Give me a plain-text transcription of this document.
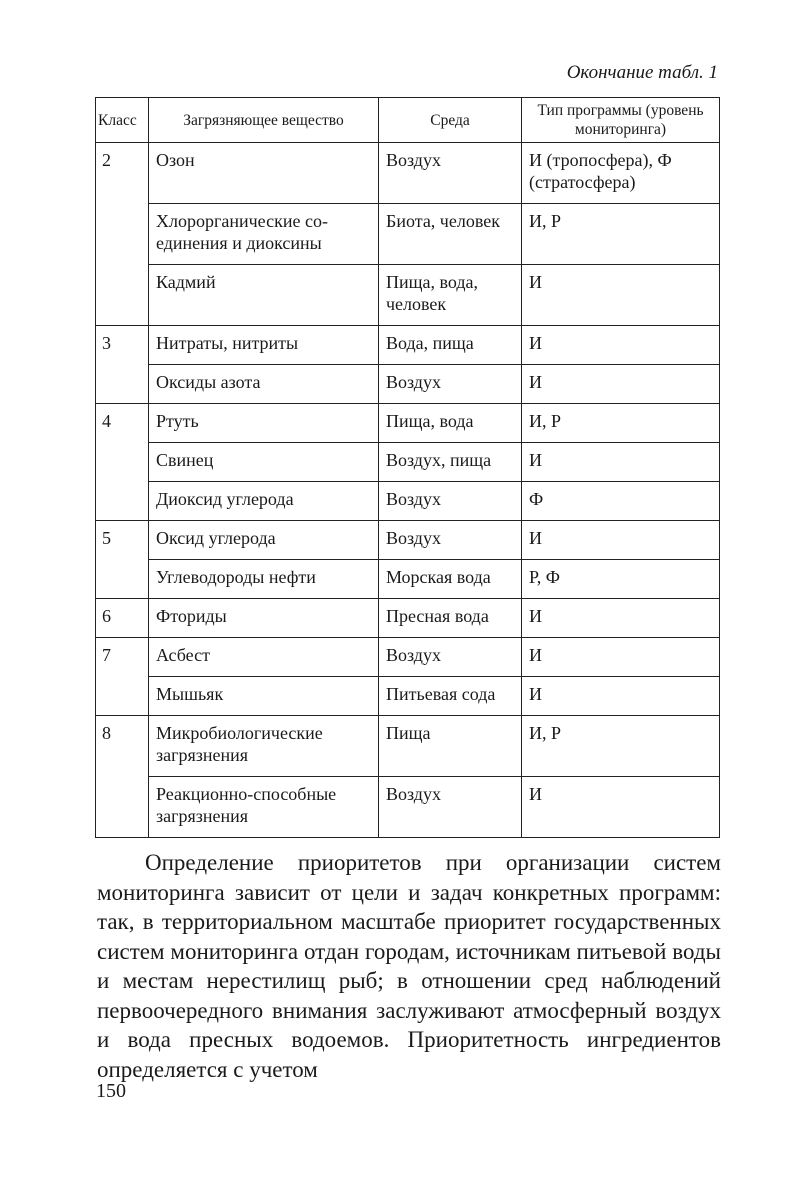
Окончание табл. 1
Класс	Загрязняющее вещество	Среда	Тип программы (уровень мониторинга)
2	Озон	Воздух	И (тропосфера), Ф (стратосфера)
	Хлорорганические со-единения и диоксины	Биота, человек	И, Р
	Кадмий	Пища, вода, человек	И
3	Нитраты, нитриты	Вода, пища	И
	Оксиды азота	Воздух	И
4	Ртуть	Пища, вода	И, Р
	Свинец	Воздух, пища	И
	Диоксид углерода	Воздух	Ф
5	Оксид углерода	Воздух	И
	Углеводороды нефти	Морская вода	Р, Ф
6	Фториды	Пресная вода	И
7	Асбест	Воздух	И
	Мышьяк	Питьевая сода	И
8	Микробиологические загрязнения	Пища	И, Р
	Реакционно-способные загрязнения	Воздух	И

Определение приоритетов при организации систем мониторинга зависит от цели и задач конкретных программ: так, в территориальном масштабе приоритет государственных систем мониторинга отдан городам, источникам питьевой воды и местам нерестилищ рыб; в отношении сред наблюдений первоочередного внимания заслуживают атмосферный воздух и вода пресных водоемов. Приоритетность ингредиентов определяется с учетом

150
